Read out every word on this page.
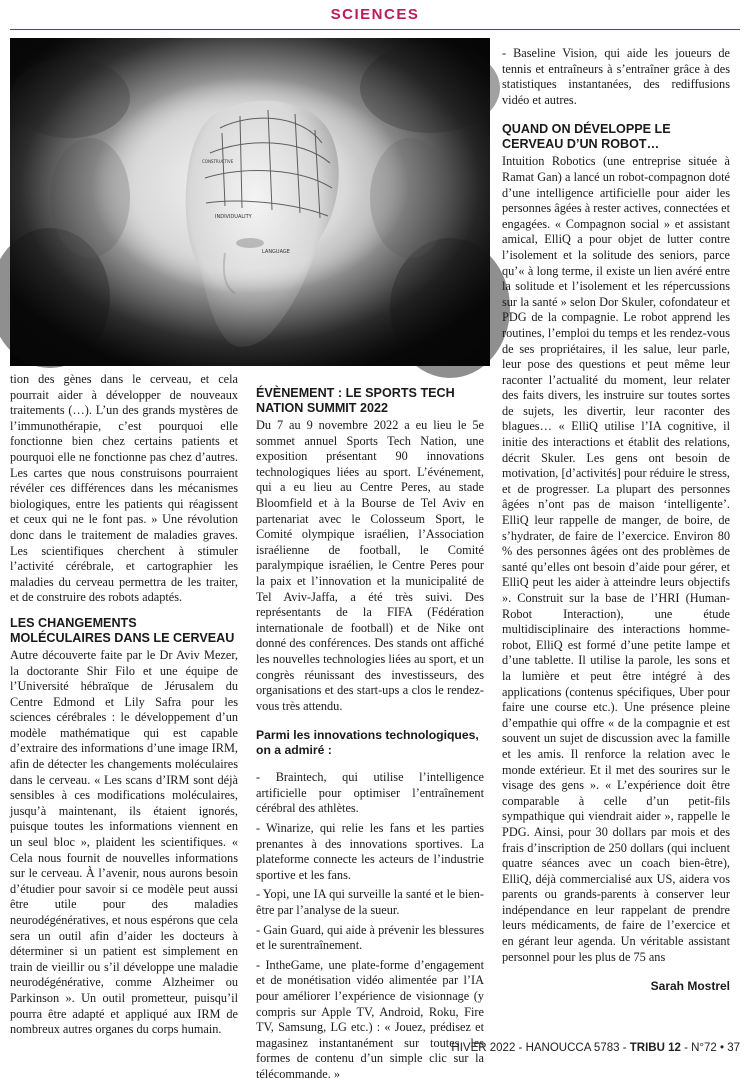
SCIENCES

tion des gènes dans le cerveau, et cela pourrait aider à développer de nouveaux traitements (…). L’un des grands mystères de l’immunothérapie, c’est pourquoi elle fonctionne bien chez certains patients et pourquoi elle ne fonctionne pas chez d’autres. Les cartes que nous construisons pourraient révéler ces différences dans les mécanismes biologiques, entre les patients qui réagissent et ceux qui ne le font pas. » Une révolution donc dans le traitement de maladies graves. Les scientifiques cherchent à stimuler l’activité cérébrale, et cartographier les maladies du cerveau permettra de les traiter, et de construire des robots adaptés.

LES CHANGEMENTS MOLÉCULAIRES DANS LE CERVEAU

Autre découverte faite par le Dr Aviv Mezer, la doctorante Shir Filo et une équipe de l’Université hébraïque de Jérusalem du Centre Edmond et Lily Safra pour les sciences cérébrales : le développement d’un modèle mathématique qui est capable d’extraire des informations d’une image IRM, afin de détecter les changements moléculaires dans le cerveau. « Les scans d’IRM sont déjà sensibles à ces modifications moléculaires, jusqu’à maintenant, ils étaient ignorés, puisque toutes les informations viennent en un seul bloc », plaident les scientifiques. « Cela nous fournit de nouvelles informations sur le cerveau. À l’avenir, nous aurons besoin d’étudier pour savoir si ce modèle peut aussi être utile pour des maladies neurodégénératives, et nous espérons que cela sera un outil afin d’aider les docteurs à déterminer si un patient est simplement en train de vieillir ou s’il développe une maladie neurodégénérative, comme Alzheimer ou Parkinson ». Un outil prometteur, puisqu’il pourra être adapté et appliqué aux IRM de nombreux autres organes du corps humain.

ÉVÈNEMENT : LE SPORTS TECH NATION SUMMIT 2022

Du 7 au 9 novembre 2022 a eu lieu le 5e sommet annuel Sports Tech Nation, une exposition présentant 90 innovations technologiques liées au sport. L’événement, qui a eu lieu au Centre Peres, au stade Bloomfield et à la Bourse de Tel Aviv en partenariat avec le Colosseum Sport, le Comité olympique israélien, l’Association israélienne de football, le Comité paralympique israélien, le Centre Peres pour la paix et l’innovation et la municipalité de Tel Aviv-Jaffa, a été très suivi. Des représentants de la FIFA (Fédération internationale de football) et de Nike ont donné des conférences. Des stands ont affiché les nouvelles technologies liées au sport, et un congrès réunissant des investisseurs, des organisations et des start-ups a clos le rendez-vous très attendu.

Parmi les innovations technologiques, on a admiré :

- Braintech, qui utilise l’intelligence artificielle pour optimiser l’entraînement cérébral des athlètes.

- Winarize, qui relie les fans et les parties prenantes à des innovations sportives. La plateforme connecte les acteurs de l’industrie sportive et les fans.

- Yopi, une IA qui surveille la santé et le bien-être par l’analyse de la sueur.

- Gain Guard, qui aide à prévenir les blessures et le surentraînement.

- IntheGame, une plate-forme d’engagement et de monétisation vidéo alimentée par l’IA pour améliorer l’expérience de visionnage (y compris sur Apple TV, Android, Roku, Fire TV, Samsung, LG etc.) : « Jouez, prédisez et magasinez instantanément sur toutes les formes de contenu d’un simple clic sur la télécommande. »

- Baseline Vision, qui aide les joueurs de tennis et entraîneurs à s’entraîner grâce à des statistiques instantanées, des rediffusions vidéo et autres.

QUAND ON DÉVELOPPE LE CERVEAU D’UN ROBOT…

Intuition Robotics (une entreprise située à Ramat Gan) a lancé un robot-compagnon doté d’une intelligence artificielle pour aider les personnes âgées à rester actives, connectées et engagées. « Compagnon social » et assistant amical, ElliQ a pour objet de lutter contre l’isolement et la solitude des seniors, parce qu’« à long terme, il existe un lien avéré entre la solitude et l’isolement et les répercussions sur la santé » selon Dor Skuler, cofondateur et PDG de la compagnie. Le robot apprend les routines, l’emploi du temps et les rendez-vous de ses propriétaires, il les salue, leur parle, leur pose des questions et peut même leur raconter l’actualité du moment, leur relater des faits divers, les instruire sur toutes sortes de sujets, les divertir, leur raconter des blagues… « ElliQ utilise l’IA cognitive, il initie des interactions et établit des relations, décrit Skuler. Les gens ont besoin de motivation, [d’activités] pour réduire le stress, et de progresser. La plupart des personnes âgées n’ont pas de maison ‘intelligente’. ElliQ leur rappelle de manger, de boire, de s’hydrater, de faire de l’exercice. Environ 80 % des personnes âgées ont des problèmes de santé qu’elles ont besoin d’aide pour gérer, et ElliQ peut les aider à atteindre leurs objectifs ». Construit sur la base de l’HRI (Human-Robot Interaction), une étude multidisciplinaire des interactions homme-robot, ElliQ est formé d’une petite lampe et d’une tablette. Il utilise la parole, les sons et la lumière et peut être intégré à des applications (contenus spécifiques, Uber pour faire une course etc.). Une présence pleine d’empathie qui offre « de la compagnie et est souvent un sujet de discussion avec la famille et les amis. Il renforce la relation avec le monde extérieur. Et il met des sourires sur le visage des gens ». « L’expérience doit être comparable à celle d’un petit-fils sympathique qui viendrait aider », rappelle le PDG. Ainsi, pour 30 dollars par mois et des frais d’inscription de 250 dollars (qui incluent quatre séances avec un coach bien-être), ElliQ, déjà commercialisé aux US, aidera vos parents ou grands-parents à conserver leur indépendance en leur rappelant de prendre leurs médicaments, de faire de l’exercice et en gérant leur agenda. Un véritable assistant personnel pour les plus de 75 ans

Sarah Mostrel
HIVER 2022 - HANOUCCA 5783 - TRIBU 12 - N°72 • 37
